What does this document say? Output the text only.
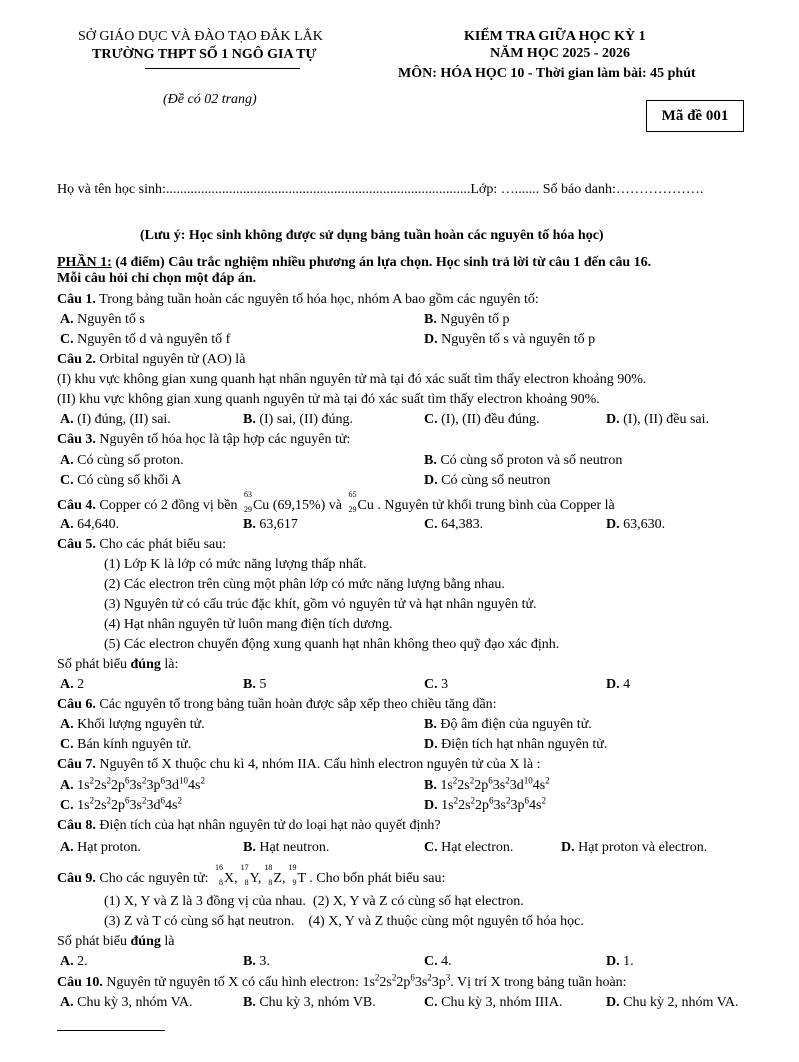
SỞ GIÁO DỤC VÀ ĐÀO TẠO ĐẮK LẮK
TRƯỜNG THPT SỐ 1 NGÔ GIA TỰ
(Đề có 02 trang)
KIỂM TRA GIỮA HỌC KỲ 1
NĂM HỌC 2025 - 2026
MÔN: HÓA HỌC 10 - Thời gian làm bài: 45 phút
Mã đề 001
Họ và tên học sinh:.......................................................................................Lớp: …....... Số báo danh:……………….
(Lưu ý: Học sinh không được sử dụng bảng tuần hoàn các nguyên tố hóa học)
PHẦN 1: (4 điểm) Câu trắc nghiệm nhiều phương án lựa chọn. Học sinh trả lời từ câu 1 đến câu 16.
Mỗi câu hỏi chỉ chọn một đáp án.
Câu 1. Trong bảng tuần hoàn các nguyên tố hóa học, nhóm A bao gồm các nguyên tố:
A. Nguyên tố s	B. Nguyên tố p
C. Nguyên tố d và nguyên tố f	D. Nguyên tố s và nguyên tố p
Câu 2. Orbital nguyên tử (AO) là
(I) khu vực không gian xung quanh hạt nhân nguyên tử mà tại đó xác suất tìm thấy electron khoảng 90%.
(II) khu vực không gian xung quanh nguyên tử mà tại đó xác suất tìm thấy electron khoảng 90%.
A. (I) đúng, (II) sai.	B. (I) sai, (II) đúng.	C. (I), (II) đều đúng.	D. (I), (II) đều sai.
Câu 3. Nguyên tố hóa học là tập hợp các nguyên tử:
A. Có cùng số proton.	B. Có cùng số proton và số neutron
C. Có cùng số khối A	D. Có cùng số neutron
Câu 4. Copper có 2 đồng vị bền
63
29 Cu (69,15%) và
65
29 Cu . Nguyên tử khối trung bình của Copper là
A. 64,640.	B. 63,617	C. 64,383.	D. 63,630.
Câu 5. Cho các phát biểu sau:
(1) Lớp K là lớp có mức năng lượng thấp nhất.
(2) Các electron trên cùng một phân lớp có mức năng lượng bằng nhau.
(3) Nguyên tử có cấu trúc đặc khít, gồm vỏ nguyên tử và hạt nhân nguyên tử.
(4) Hạt nhân nguyên tử luôn mang điện tích dương.
(5) Các electron chuyển động xung quanh hạt nhân không theo quỹ đạo xác định.
Số phát biểu đúng là:
A. 2	B. 5	C. 3	D. 4
Câu 6. Các nguyên tố trong bảng tuần hoàn được sắp xếp theo chiều tăng dần:
A. Khối lượng nguyên tử.	B. Độ âm điện của nguyên tử.
C. Bán kính nguyên tử.	D. Điện tích hạt nhân nguyên tử.
Câu 7. Nguyên tố X thuộc chu kì 4, nhóm IIA. Cấu hình electron nguyên tử của X là :
A. $1s^22s^22p^63s^23p^63d^{10}4s^2$	B. $1s^22s^22p^63s^23d^{10}4s^2$
C. $1s^22s^22p^63s^23d^64s^2$	D. $1s^22s^22p^63s^23p^64s^2$
Câu 8. Điện tích của hạt nhân nguyên tử do loại hạt nào quyết định?
A. Hạt proton.	B. Hạt neutron.	C. Hạt electron.	D. Hạt proton và electron.
Câu 9. Cho các nguyên tử:
16
8 X,
17
8 Y,
18
8 Z,
19
9 T . Cho bốn phát biểu sau:
(1) X, Y và Z là 3 đồng vị của nhau.  (2) X, Y và Z có cùng số hạt electron.
(3) Z và T có cùng số hạt neutron.    (4) X, Y và Z thuộc cùng một nguyên tố hóa học.
Số phát biểu đúng là
A. 2.	B. 3.	C. 4.	D. 1.
Câu 10. Nguyên tử nguyên tố X có cấu hình electron: $1s^22s^22p^63s^23p^3$. Vị trí X trong bảng tuần hoàn:
A. Chu kỳ 3, nhóm VA.	B. Chu kỳ 3, nhóm VB.	C. Chu kỳ 3, nhóm IIIA.	D. Chu kỳ 2, nhóm VA.
